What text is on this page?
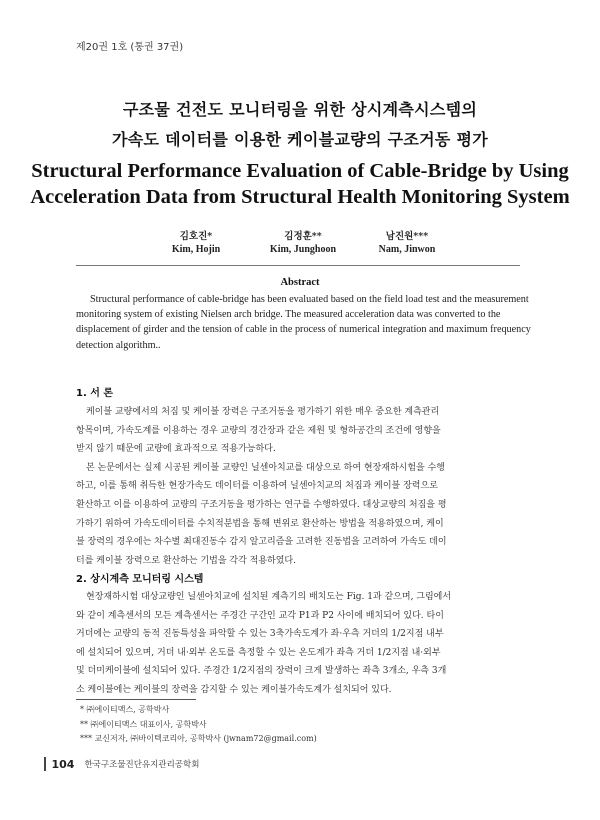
제20권 1호 (통권 37권)
구조물 건전도 모니터링을 위한 상시계측시스템의
가속도 데이터를 이용한 케이블교량의 구조거동 평가
Structural Performance Evaluation of Cable-Bridge by Using
Acceleration Data from Structural Health Monitoring System
김호진*
Kim, Hojin
김정훈**
Kim, Junghoon
남진원***
Nam, Jinwon
Abstract
Structural performance of cable-bridge has been evaluated based on the field load test and the measurement
monitoring system of existing Nielsen arch bridge. The measured acceleration data was converted to the
displacement of girder and the tension of cable in the process of numerical integration and maximum frequency
detection algorithm..
1. 서 론
케이블 교량에서의 처짐 및 케이블 장력은 구조거동을 평가하기 위한 매우 중요한 계측관리
항목이며, 가속도계를 이용하는 경우 교량의 경간장과 같은 제원 및 형하공간의 조건에 영향을
받지 않기 때문에 교량에 효과적으로 적용가능하다.
본 논문에서는 실제 시공된 케이블 교량인 닐센아치교를 대상으로 하여 현장재하시험을 수행
하고, 이를 통해 취득한 현장가속도 데이터를 이용하여 닐센아치교의 처짐과 케이블 장력으로
환산하고 이를 이용하여 교량의 구조거동을 평가하는 연구를 수행하였다. 대상교량의 처짐을 평
가하기 위하여 가속도데이터를 수치적분법을 통해 변위로 환산하는 방법을 적용하였으며, 케이
블 장력의 경우에는 차수별 최대진동수 감지 알고리즘을 고려한 진동법을 고려하여 가속도 데이
터를 케이블 장력으로 환산하는 기법을 각각 적용하였다.
2. 상시계측 모니터링 시스템
현장재하시험 대상교량인 닐센아치교에 설치된 계측기의 배치도는 Fig. 1과 같으며, 그림에서
와 같이 계측센서의 모든 계측센서는 주경간 구간인 교각 P1과 P2 사이에 배치되어 있다. 타이
거더에는 교량의 동적 진동특성을 파악할 수 있는 3축가속도계가 좌·우측 거더의 1/2지점 내부
에 설치되어 있으며, 거더 내·외부 온도를 측정할 수 있는 온도계가 좌측 거더 1/2지점 내·외부
및 더미케이블에 설치되어 있다. 주경간 1/2지점의 장력이 크게 발생하는 좌측 3개소, 우측 3개
소 케이블에는 케이블의 장력을 감지할 수 있는 케이블가속도계가 설치되어 있다.
* ㈜에이티맥스, 공학박사
** ㈜에이티맥스 대표이사, 공학박사
*** 교신저자, ㈜바이텍코리아, 공학박사 (jwnam72@gmail.com)
104 한국구조물진단유지관리공학회
